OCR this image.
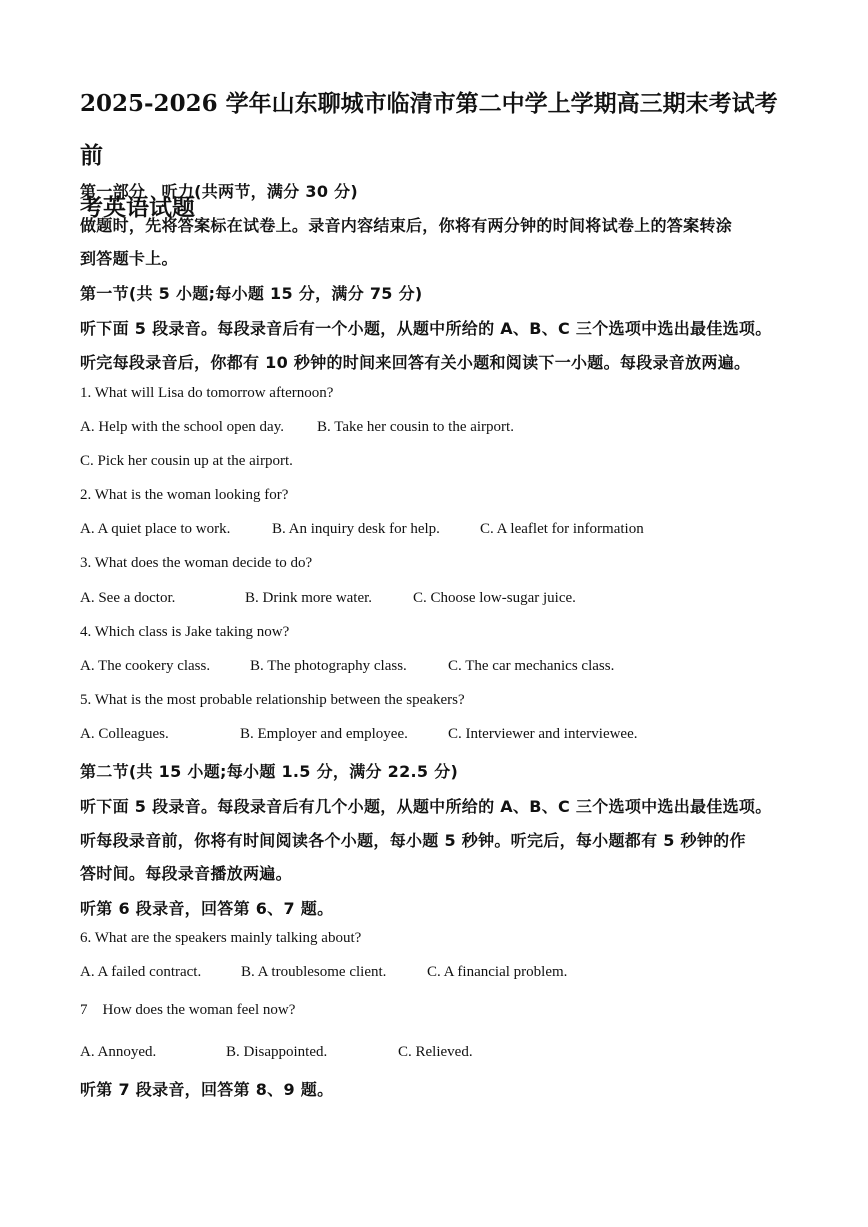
2025-2026 学年山东聊城市临清市第二中学上学期高三期末考试考前
考英语试题
第一部分　听力(共两节，满分 30 分)
做题时，先将答案标在试卷上。录音内容结束后，你将有两分钟的时间将试卷上的答案转涂
到答题卡上。
第一节(共 5 小题;每小题 15 分，满分 75 分)
听下面 5 段录音。每段录音后有一个小题，从题中所给的 A、B、C 三个选项中选出最佳选项。
听完每段录音后，你都有 10 秒钟的时间来回答有关小题和阅读下一小题。每段录音放两遍。
1. What will Lisa do tomorrow afternoon?
A. Help with the school open day. B. Take her cousin to the airport.
C. Pick her cousin up at the airport.
2. What is the woman looking for?
A. A quiet place to work.	B. An inquiry desk for help.	C. A leaflet for information
3. What does the woman decide to do?
A. See a doctor.	B. Drink more water.	C. Choose low-sugar juice.
4. Which class is Jake taking now?
A. The cookery class.	B. The photography class.	C. The car mechanics class.
5. What is the most probable relationship between the speakers?
A. Colleagues.	B. Employer and employee.	C. Interviewer and interviewee.
第二节(共 15 小题;每小题 1.5 分，满分 22.5 分)
听下面 5 段录音。每段录音后有几个小题，从题中所给的 A、B、C 三个选项中选出最佳选项。
听每段录音前，你将有时间阅读各个小题，每小题 5 秒钟。听完后，每小题都有 5 秒钟的作
答时间。每段录音播放两遍。
听第 6 段录音，回答第 6、7 题。
6. What are the speakers mainly talking about?
A. A failed contract.	B. A troublesome client.	C. A financial problem.
7　How does the woman feel now?
A. Annoyed.	B. Disappointed.	C. Relieved.
听第 7 段录音，回答第 8、9 题。
